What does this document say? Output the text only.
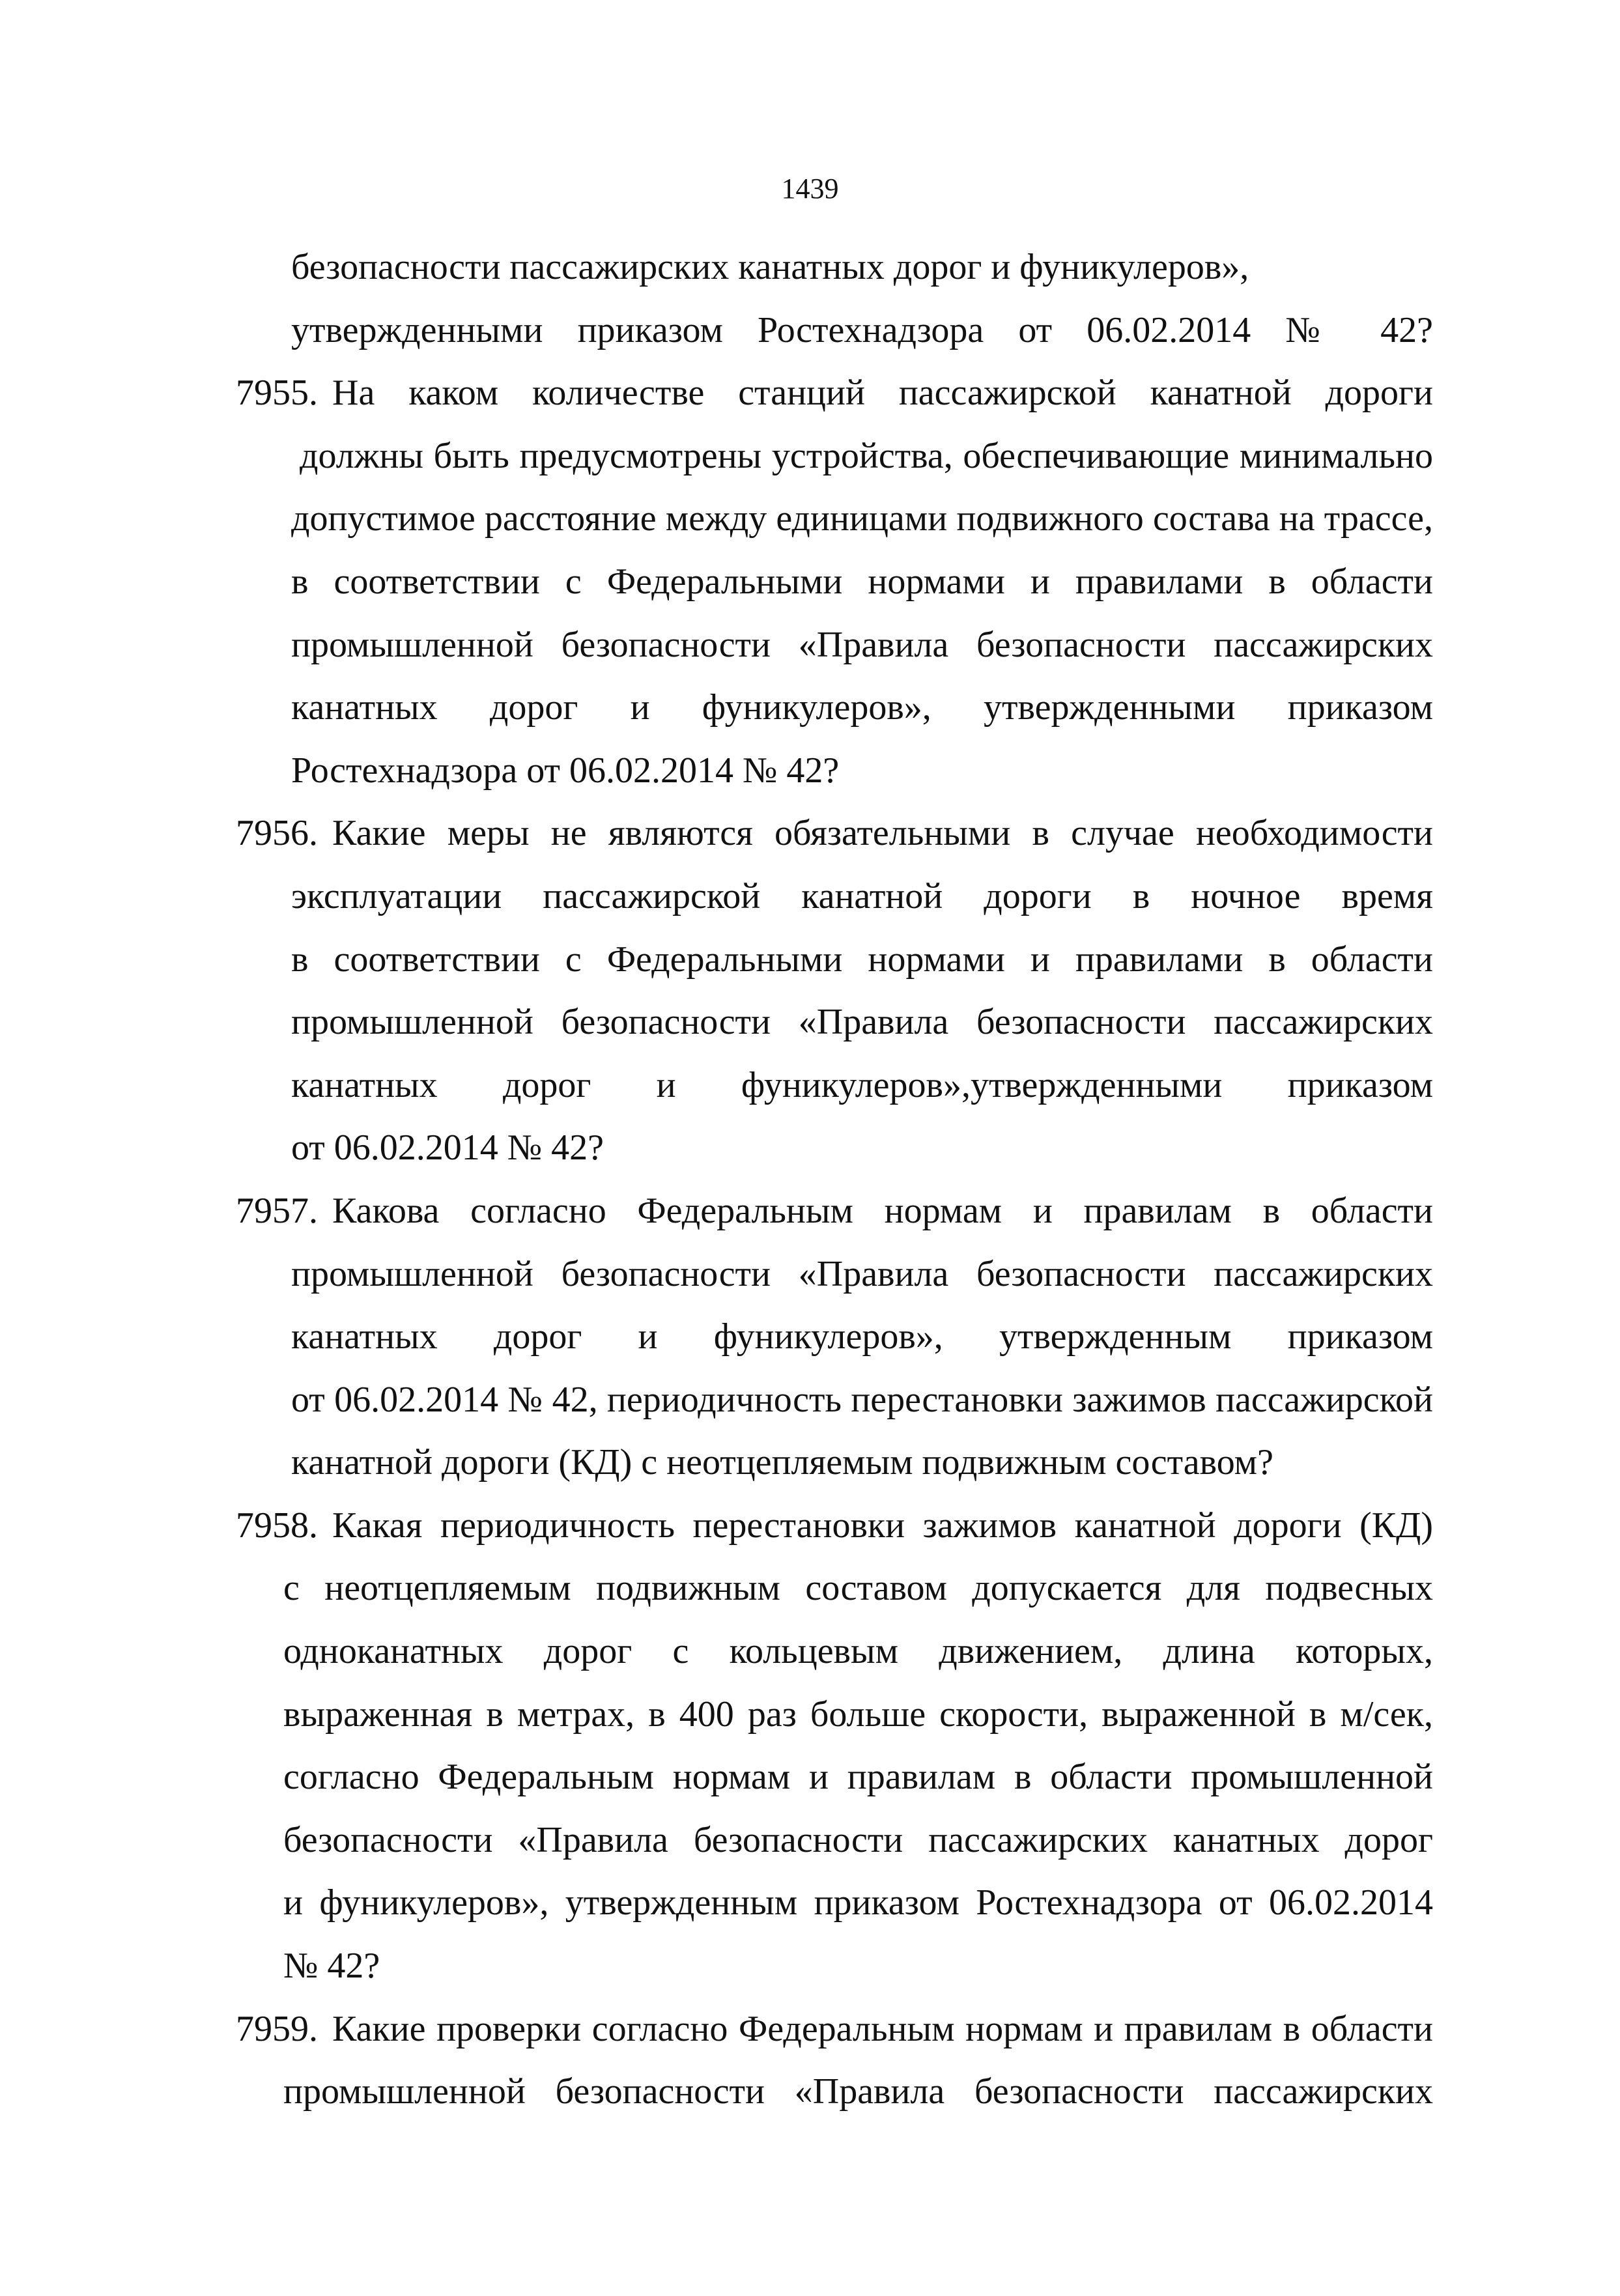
1439
безопасности пассажирских канатных дорог и фуникулеров»,
утвержденными приказом Ростехнадзора от 06.02.2014 № 42?
7955. На каком количестве станций пассажирской канатной дороги
должны быть предусмотрены устройства, обеспечивающие минимально
допустимое расстояние между единицами подвижного состава на трассе,
в соответствии с Федеральными нормами и правилами в области
промышленной безопасности «Правила безопасности пассажирских
канатных дорог и фуникулеров», утвержденными приказом
Ростехнадзора от 06.02.2014 № 42?
7956. Какие меры не являются обязательными в случае необходимости
эксплуатации пассажирской канатной дороги в ночное время
в соответствии с Федеральными нормами и правилами в области
промышленной безопасности «Правила безопасности пассажирских
канатных дорог и фуникулеров»,утвержденными приказом
от 06.02.2014 № 42?
7957. Какова согласно Федеральным нормам и правилам в области
промышленной безопасности «Правила безопасности пассажирских
канатных дорог и фуникулеров», утвержденным приказом
от 06.02.2014 № 42, периодичность перестановки зажимов пассажирской
канатной дороги (КД) с неотцепляемым подвижным составом?
7958. Какая периодичность перестановки зажимов канатной дороги (КД)
с неотцепляемым подвижным составом допускается для подвесных
одноканатных дорог с кольцевым движением, длина которых,
выраженная в метрах, в 400 раз больше скорости, выраженной в м/сек,
согласно Федеральным нормам и правилам в области промышленной
безопасности «Правила безопасности пассажирских канатных дорог
и фуникулеров», утвержденным приказом Ростехнадзора от 06.02.2014
№ 42?
7959. Какие проверки согласно Федеральным нормам и правилам в области
промышленной безопасности «Правила безопасности пассажирских
